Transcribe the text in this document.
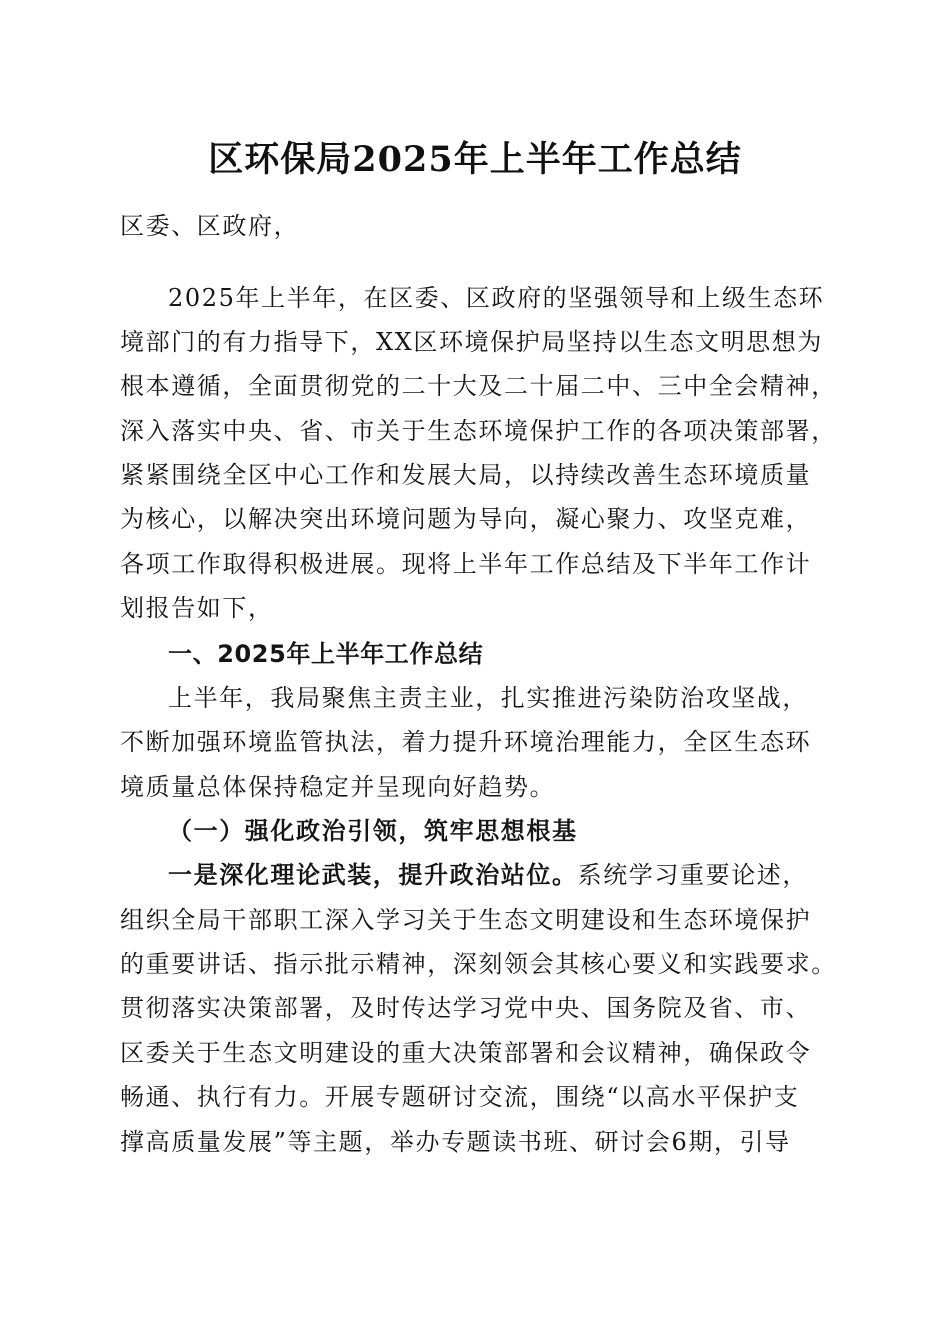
区环保局2025年上半年工作总结
区委、区政府，
2025年上半年，在区委、区政府的坚强领导和上级生态环
境部门的有力指导下，XX区环境保护局坚持以生态文明思想为
根本遵循，全面贯彻党的二十大及二十届二中、三中全会精神，
深入落实中央、省、市关于生态环境保护工作的各项决策部署，
紧紧围绕全区中心工作和发展大局，以持续改善生态环境质量
为核心，以解决突出环境问题为导向，凝心聚力、攻坚克难，
各项工作取得积极进展。现将上半年工作总结及下半年工作计
划报告如下，
一、2025年上半年工作总结
上半年，我局聚焦主责主业，扎实推进污染防治攻坚战，
不断加强环境监管执法，着力提升环境治理能力，全区生态环
境质量总体保持稳定并呈现向好趋势。
（一）强化政治引领，筑牢思想根基
一是深化理论武装，提升政治站位。系统学习重要论述，
组织全局干部职工深入学习关于生态文明建设和生态环境保护
的重要讲话、指示批示精神，深刻领会其核心要义和实践要求。
贯彻落实决策部署，及时传达学习党中央、国务院及省、市、
区委关于生态文明建设的重大决策部署和会议精神，确保政令
畅通、执行有力。开展专题研讨交流，围绕“以高水平保护支
撑高质量发展”等主题，举办专题读书班、研讨会6期，引导
